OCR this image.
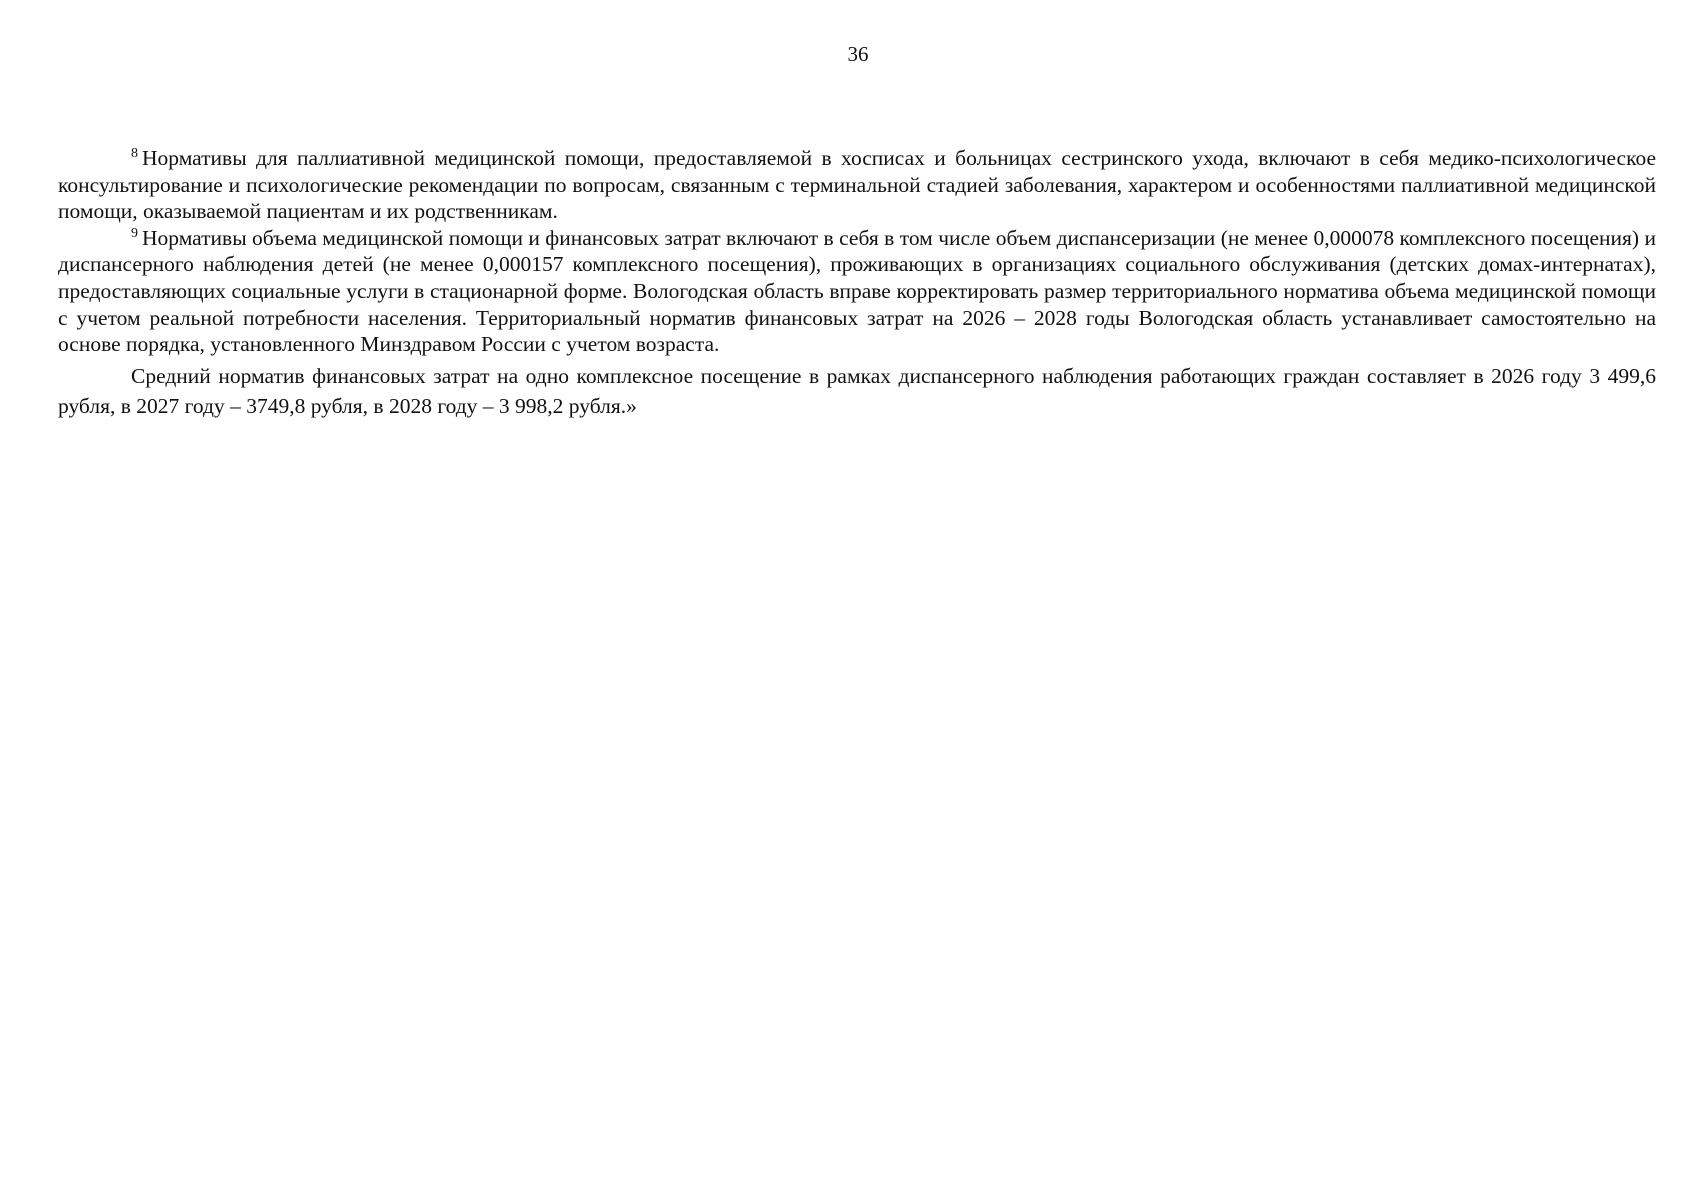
36

$^8$ Нормативы для паллиативной медицинской помощи, предоставляемой в хосписах и больницах сестринского ухода, включают в себя медико-психологическое консультирование и психологические рекомендации по вопросам, связанным с терминальной стадией заболевания, характером и особенностями паллиативной медицинской помощи, оказываемой пациентам и их родственникам.

$^9$ Нормативы объема медицинской помощи и финансовых затрат включают в себя в том числе объем диспансеризации (не менее 0,000078 комплексного посещения) и диспансерного наблюдения детей (не менее 0,000157 комплексного посещения), проживающих в организациях социального обслуживания (детских домах-интернатах), предоставляющих социальные услуги в стационарной форме. Вологодская область вправе корректировать размер территориального норматива объема медицинской помощи с учетом реальной потребности населения. Территориальный норматив финансовых затрат на 2026 – 2028 годы Вологодская область устанавливает самостоятельно на основе порядка, установленного Минздравом России с учетом возраста.

Средний норматив финансовых затрат на одно комплексное посещение в рамках диспансерного наблюдения работающих граждан составляет в 2026 году 3 499,6 рубля, в 2027 году – 3749,8 рубля, в 2028 году – 3 998,2 рубля.»
